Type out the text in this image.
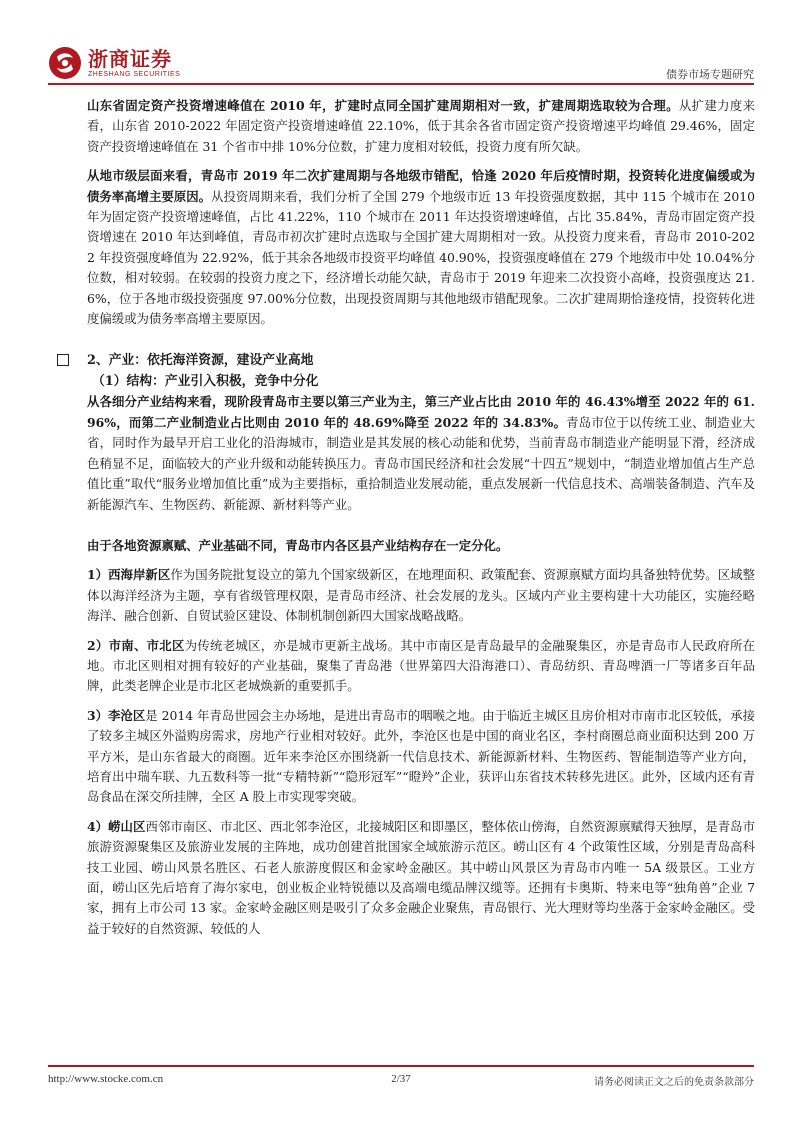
浙商证券
ZHESHANG SECURITIES	债券市场专题研究

山东省固定资产投资增速峰值在 2010 年，扩建时点同全国扩建周期相对一致，扩建周期选取较为合理。从扩建力度来看，山东省 2010-2022 年固定资产投资增速峰值 22.10%，低于其余各省市固定资产投资增速平均峰值 29.46%，固定资产投资增速峰值在 31 个省市中排 10%分位数，扩建力度相对较低，投资力度有所欠缺。

从地市级层面来看，青岛市 2019 年二次扩建周期与各地级市错配，恰逢 2020 年后疫情时期，投资转化进度偏缓或为债务率高增主要原因。从投资周期来看，我们分析了全国 279 个地级市近 13 年投资强度数据，其中 115 个城市在 2010 年为固定资产投资增速峰值，占比 41.22%，110 个城市在 2011 年达投资增速峰值，占比 35.84%，青岛市固定资产投资增速在 2010 年达到峰值，青岛市初次扩建时点选取与全国扩建大周期相对一致。从投资力度来看，青岛市 2010-2022 年投资强度峰值为 22.92%，低于其余各地级市投资平均峰值 40.90%，投资强度峰值在 279 个地级市中处 10.04%分位数，相对较弱。在较弱的投资力度之下，经济增长动能欠缺，青岛市于 2019 年迎来二次投资小高峰，投资强度达 21.6%，位于各地市级投资强度 97.00%分位数，出现投资周期与其他地级市错配现象。二次扩建周期恰逢疫情，投资转化进度偏缓或为债务率高增主要原因。

2、产业：依托海洋资源，建设产业高地
（1）结构：产业引入积极，竞争中分化

从各细分产业结构来看，现阶段青岛市主要以第三产业为主，第三产业占比由 2010 年的 46.43%增至 2022 年的 61.96%，而第二产业制造业占比则由 2010 年的 48.69%降至 2022 年的 34.83%。青岛市位于以传统工业、制造业大省，同时作为最早开启工业化的沿海城市，制造业是其发展的核心动能和优势，当前青岛市制造业产能明显下滑，经济成色稍显不足，面临较大的产业升级和动能转换压力。青岛市国民经济和社会发展“十四五”规划中，“制造业增加值占生产总值比重”取代“服务业增加值比重”成为主要指标，重拾制造业发展动能，重点发展新一代信息技术、高端装备制造、汽车及新能源汽车、生物医药、新能源、新材料等产业。

由于各地资源禀赋、产业基础不同，青岛市内各区县产业结构存在一定分化。

1）西海岸新区作为国务院批复设立的第九个国家级新区，在地理面积、政策配套、资源禀赋方面均具备独特优势。区域整体以海洋经济为主题，享有省级管理权限，是青岛市经济、社会发展的龙头。区域内产业主要构建十大功能区，实施经略海洋、融合创新、自贸试验区建设、体制机制创新四大国家战略战略。

2）市南、市北区为传统老城区，亦是城市更新主战场。其中市南区是青岛最早的金融聚集区，亦是青岛市人民政府所在地。市北区则相对拥有较好的产业基础，聚集了青岛港（世界第四大沿海港口）、青岛纺织、青岛啤酒一厂等诸多百年品牌，此类老牌企业是市北区老城焕新的重要抓手。

3）李沧区是 2014 年青岛世园会主办场地，是进出青岛市的咽喉之地。由于临近主城区且房价相对市南市北区较低，承接了较多主城区外溢购房需求，房地产行业相对较好。此外，李沧区也是中国的商业名区，李村商圈总商业面积达到 200 万平方米，是山东省最大的商圈。近年来李沧区亦围绕新一代信息技术、新能源新材料、生物医药、智能制造等产业方向，培育出中瑞车联、九五数科等一批“专精特新”“隐形冠军”“瞪羚”企业，获评山东省技术转移先进区。此外，区域内还有青岛食品在深交所挂牌，全区 A 股上市实现零突破。

4）崂山区西邻市南区、市北区、西北邻李沧区，北接城阳区和即墨区，整体依山傍海，自然资源禀赋得天独厚，是青岛市旅游资源聚集区及旅游业发展的主阵地，成功创建首批国家全域旅游示范区。崂山区有 4 个政策性区域，分别是青岛高科技工业园、崂山风景名胜区、石老人旅游度假区和金家岭金融区。其中崂山风景区为青岛市内唯一 5A 级景区。工业方面，崂山区先后培育了海尔家电，创业板企业特锐德以及高端电缆品牌汉缆等。还拥有卡奥斯、特来电等“独角兽”企业 7 家，拥有上市公司 13 家。金家岭金融区则是吸引了众多金融企业聚焦，青岛银行、光大理财等均坐落于金家岭金融区。受益于较好的自然资源、较低的人

http://www.stocke.com.cn	2/37	请务必阅读正文之后的免责条款部分
